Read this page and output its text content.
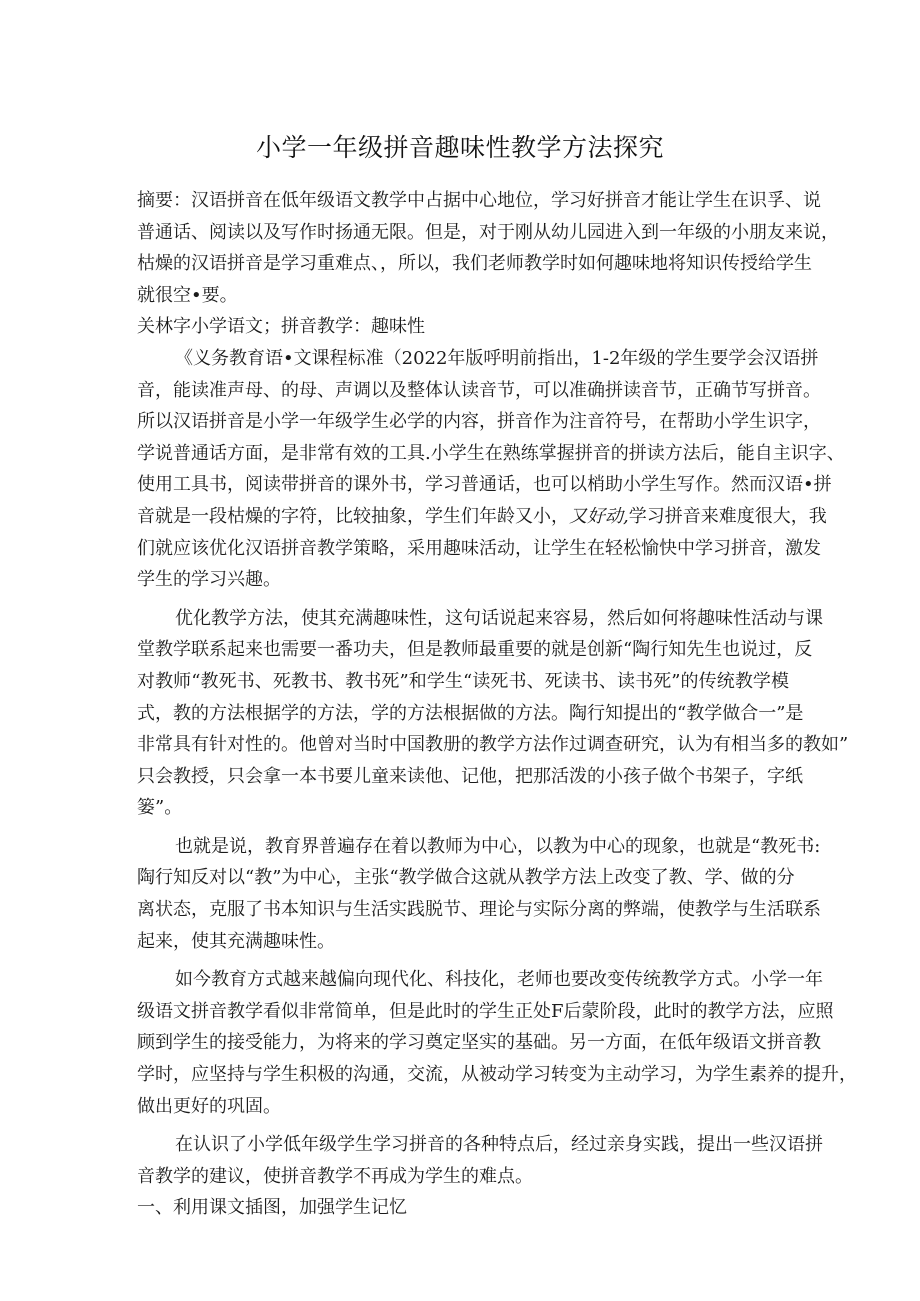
小学一年级拼音趣味性教学方法探究
摘要：汉语拼音在低年级语文教学中占据中心地位，学习好拼音才能让学生在识孚、说
普通话、阅读以及写作时扬通无限。但是，对于刚从幼儿园进入到一年级的小朋友来说，
枯燥的汉语拼音是学习重难点、，所以，我们老师教学时如何趣味地将知识传授给学生
就很空•要。
关林字小学语文；拼音教学：趣味性
《义务教育语•文课程标准（2022年版呼明前指出，1-2年级的学生要学会汉语拼
音，能读准声母、的母、声调以及整体认读音节，可以准确拼读音节，正确节写拼音。
所以汉语拼音是小学一年级学生必学的内容，拼音作为注音符号，在帮助小学生识字，
学说普通话方面，是非常有效的工具.小学生在熟练掌握拼音的拼读方法后，能自主识字、
使用工具书，阅读带拼音的课外书，学习普通话，也可以梢助小学生写作。然而汉语•拼
音就是一段枯燥的字符，比较抽象，学生们年龄又小，又好动,学习拼音来难度很大，我
们就应该优化汉语拼音教学策略，采用趣味活动，让学生在轻松愉快中学习拼音，激发
学生的学习兴趣。
优化教学方法，使其充满趣味性，这句话说起来容易，然后如何将趣味性活动与课
堂教学联系起来也需要一番功夫，但是教师最重要的就是创新“陶行知先生也说过，反
对教师“教死书、死教书、教书死”和学生“读死书、死读书、读书死”的传统教学模
式，教的方法根据学的方法，学的方法根据做的方法。陶行知提出的“教学做合一”是
非常具有针对性的。他曾对当时中国教册的教学方法作过调查研究，认为有相当多的教如”
只会教授，只会拿一本书要儿童来读他、记他，把那活泼的小孩子做个书架子，字纸
篓”。
也就是说，教育界普遍存在着以教师为中心，以教为中心的现象，也就是“教死书:
陶行知反对以“教”为中心，主张“教学做合这就从教学方法上改变了教、学、做的分
离状态，克服了书本知识与生活实践脱节、理论与实际分离的弊端，使教学与生活联系
起来，使其充满趣味性。
如今教育方式越来越偏向现代化、科技化，老师也要改变传统教学方式。小学一年
级语文拼音教学看似非常简单，但是此时的学生正处F后蒙阶段，此时的教学方法，应照
顾到学生的接受能力，为将来的学习奠定坚实的基础。另一方面，在低年级语文拼音教
学时，应坚持与学生积极的沟通，交流，从被动学习转变为主动学习，为学生素养的提升，
做出更好的巩固。
在认识了小学低年级学生学习拼音的各种特点后，经过亲身实践，提出一些汉语拼
音教学的建议，使拼音教学不再成为学生的难点。
一、利用课文插图，加强学生记忆
